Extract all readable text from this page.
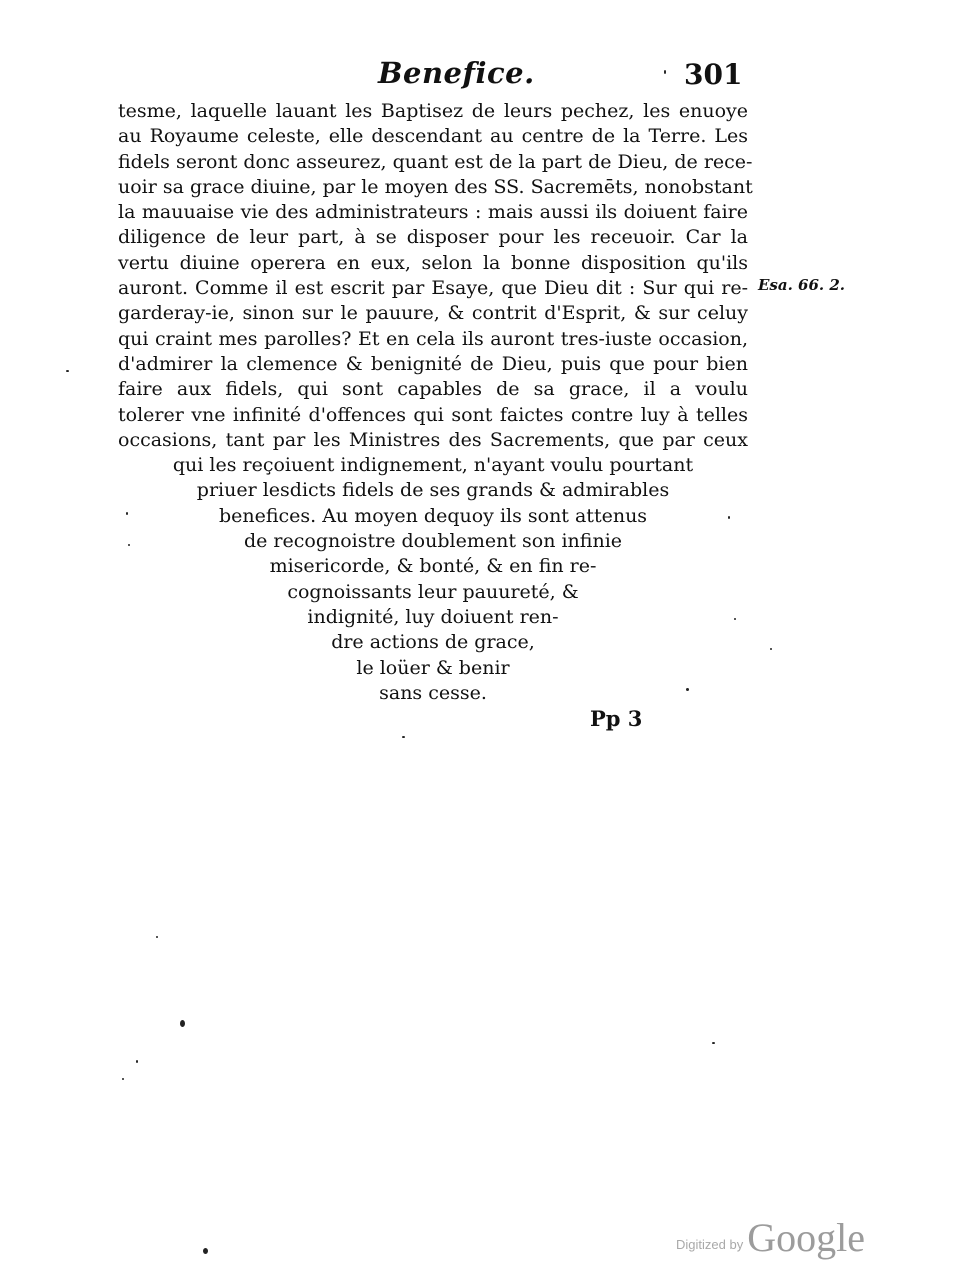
Benefice.	301
tesme, laquelle lauant les Baptisez de leurs pechez, les enuoye
au Royaume celeste, elle descendant au centre de la Terre. Les
fidels seront donc asseurez, quant est de la part de Dieu, de rece-
uoir sa grace diuine, par le moyen des SS. Sacremēts, nonobstant
la mauuaise vie des administrateurs : mais aussi ils doiuent faire
diligence de leur part, à se disposer pour les receuoir. Car la
vertu diuine operera en eux, selon la bonne disposition qu'ils
auront. Comme il est escrit par Esaye, que Dieu dit : Sur qui re-
garderay-ie, sinon sur le pauure, & contrit d'Esprit, & sur celuy
qui craint mes parolles? Et en cela ils auront tres-iuste occasion,
d'admirer la clemence & benignité de Dieu, puis que pour bien
faire aux fidels, qui sont capables de sa grace, il a voulu
tolerer vne infinité d'offences qui sont faictes contre luy à telles
occasions, tant par les Ministres des Sacrements, que par ceux
qui les reçoiuent indignement, n'ayant voulu pourtant
priuer lesdicts fidels de ses grands & admirables
benefices. Au moyen dequoy ils sont attenus
de recognoistre doublement son infinie
misericorde, & bonté, & en fin re-
cognoissants leur pauureté, &
indignité, luy doiuent ren-
dre actions de grace,
le loüer & benir
sans cesse.
Esa. 66. 2.
Pp 3
Digitized by Google
